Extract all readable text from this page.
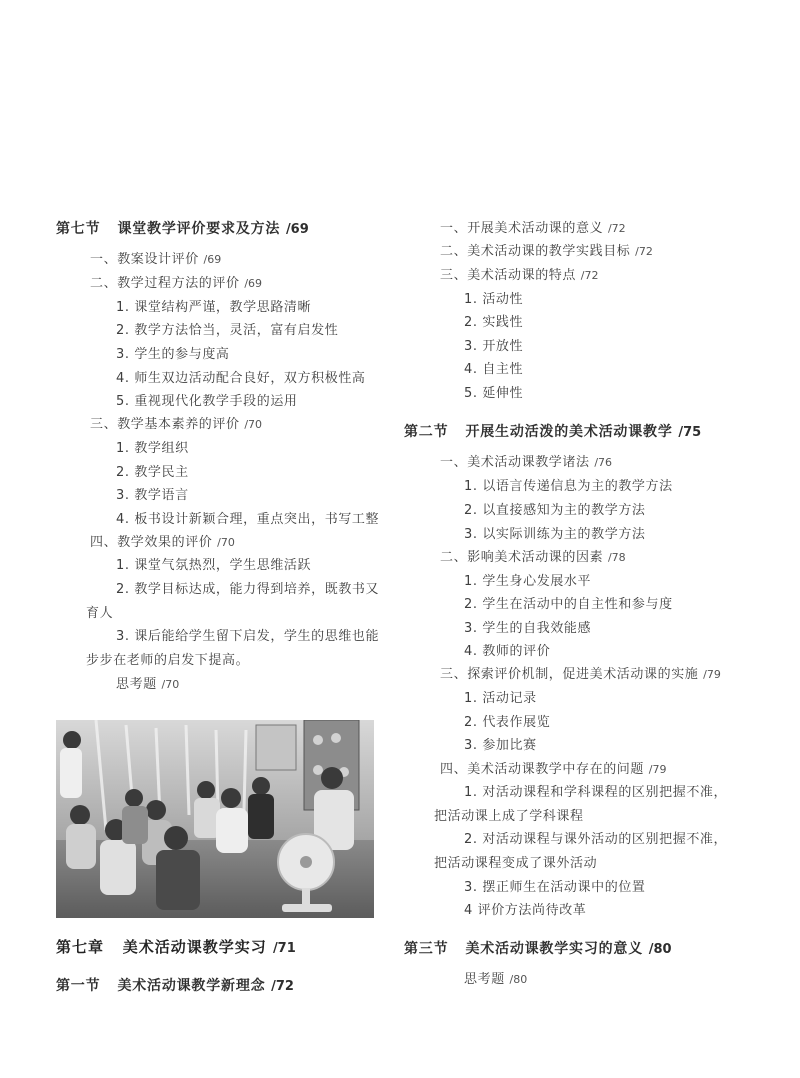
第七节 课堂教学评价要求及方法 /69
一、教案设计评价 /69
二、教学过程方法的评价 /69
1. 课堂结构严谨，教学思路清晰
2. 教学方法恰当，灵活，富有启发性
3. 学生的参与度高
4. 师生双边活动配合良好，双方积极性高
5. 重视现代化教学手段的运用
三、教学基本素养的评价 /70
1. 教学组织
2. 教学民主
3. 教学语言
4. 板书设计新颖合理，重点突出，书写工整
四、教学效果的评价 /70
1. 课堂气氛热烈，学生思维活跃
2. 教学目标达成，能力得到培养，既教书又
育人
3. 课后能给学生留下启发，学生的思维也能
步步在老师的启发下提高。
思考题 /70
第七章 美术活动课教学实习 /71
第一节 美术活动课教学新理念 /72
一、开展美术活动课的意义 /72
二、美术活动课的教学实践目标 /72
三、美术活动课的特点 /72
1. 活动性
2. 实践性
3. 开放性
4. 自主性
5. 延伸性
第二节 开展生动活泼的美术活动课教学 /75
一、美术活动课教学诸法 /76
1. 以语言传递信息为主的教学方法
2. 以直接感知为主的教学方法
3. 以实际训练为主的教学方法
二、影响美术活动课的因素 /78
1. 学生身心发展水平
2. 学生在活动中的自主性和参与度
3. 学生的自我效能感
4. 教师的评价
三、探索评价机制，促进美术活动课的实施 /79
1. 活动记录
2. 代表作展览
3. 参加比赛
四、美术活动课教学中存在的问题 /79
1. 对活动课程和学科课程的区别把握不准，
把活动课上成了学科课程
2. 对活动课程与课外活动的区别把握不准，
把活动课程变成了课外活动
3. 摆正师生在活动课中的位置
4 评价方法尚待改革
第三节 美术活动课教学实习的意义 /80
思考题 /80
